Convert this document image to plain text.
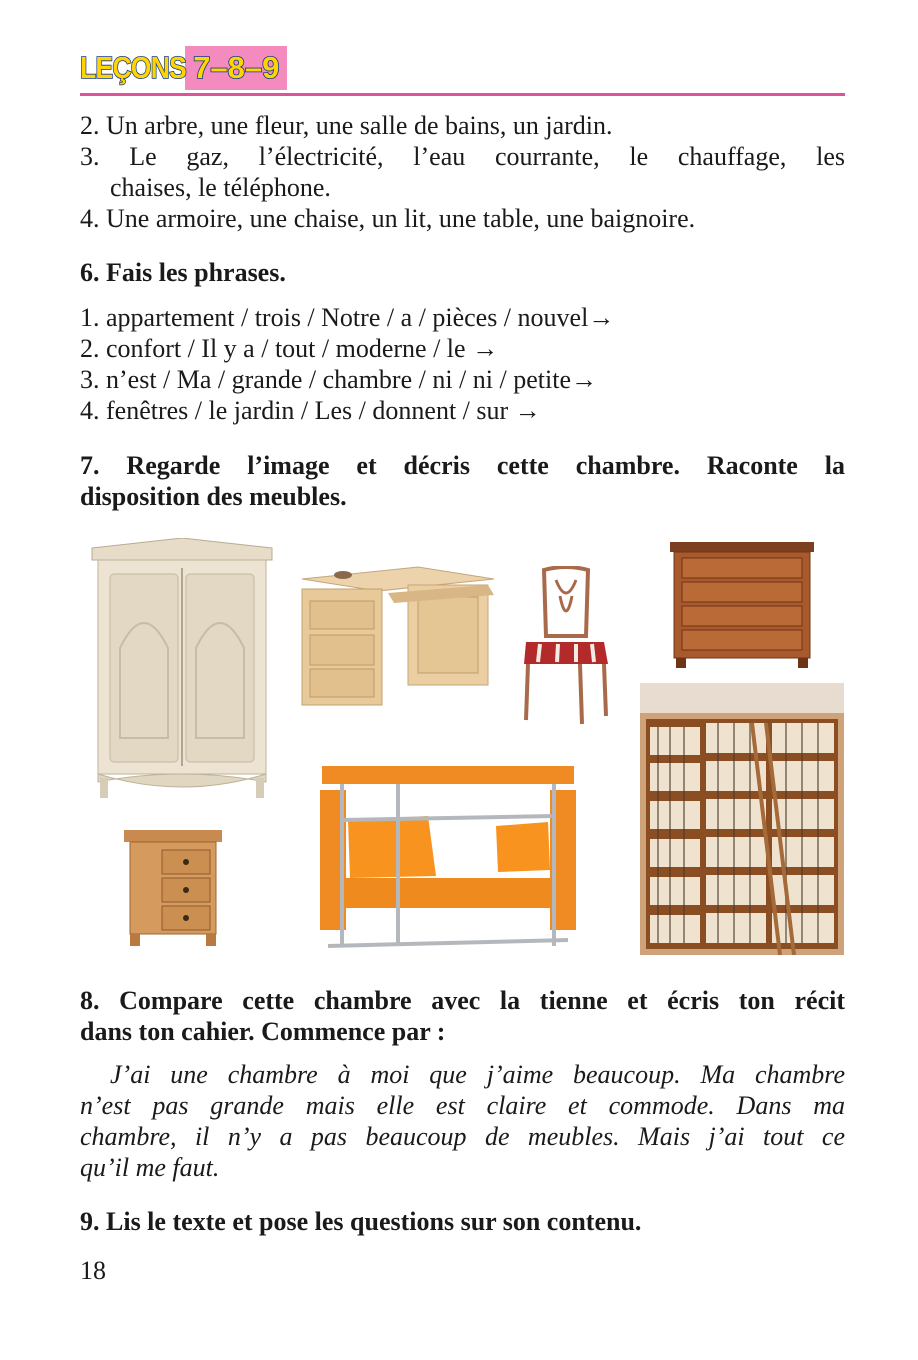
LEÇONS 7–8–9
2. Un arbre, une fleur, une salle de bains, un jardin.
3. Le gaz, l’électricité, l’eau courrante, le chauffage, les
chaises, le téléphone.
4. Une armoire, une chaise, un lit, une table, une baignoire.
6. Fais les phrases.
1. appartement / trois / Notre / a / pièces / nouvel→
2. confort / Il y a / tout / moderne / le →
3. n’est / Ma / grande / chambre / ni / ni / petite→
4. fenêtres / le jardin / Les / donnent / sur →
7. Regarde l’image et décris cette chambre. Raconte la
disposition des meubles.
8. Compare cette chambre avec la tienne et écris ton récit
dans ton cahier. Commence par :
J’ai une chambre à moi que j’aime beaucoup. Ma chambre
n’est pas grande mais elle est claire et commode. Dans ma
chambre, il n’y a pas beaucoup de meubles. Mais j’ai tout ce
qu’il me faut.
9. Lis le texte et pose les questions sur son contenu.
18
